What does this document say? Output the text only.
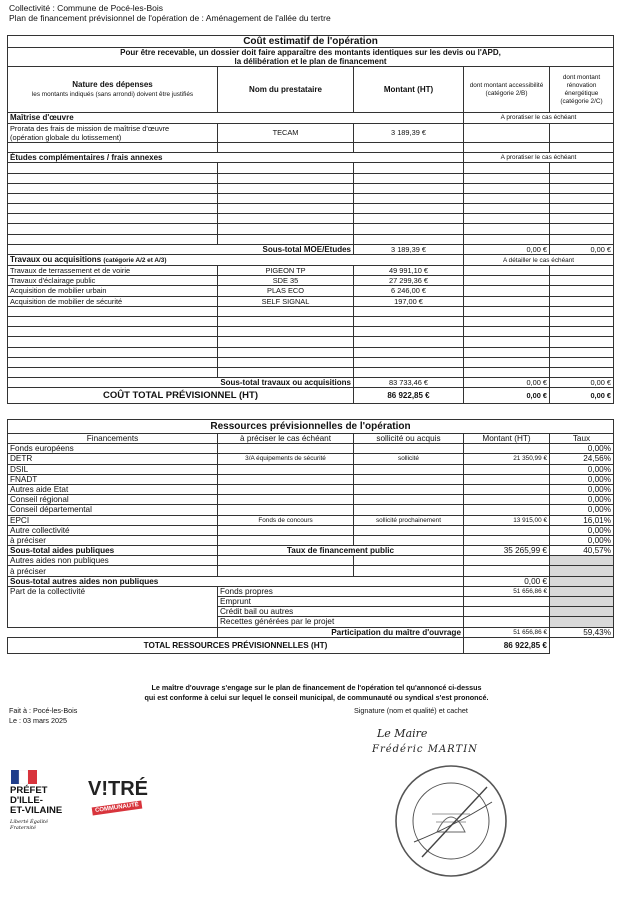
Collectivité : Commune de Pocé-les-Bois
Plan de financement prévisionnel de l'opération de : Aménagement de l'allée du tertre
Coût estimatif de l'opération				
Pour être recevable, un dossier doit faire apparaître des montants identiques sur les devis ou l'APD,				
la délibération et le plan de financement				

Nature des dépenses
les montants indiqués (sans arrondi) doivent être justifiés	Nom du prestataire	Montant (HT)	dont montant accessibilité (catégorie 2/B)	dont montant rénovation énergétique (catégorie 2/C)
Maîtrise d'œuvre			A proratiser le cas échéant	
Prorata des frais de mission de maîtrise d'œuvre	TECAM	3 189,39 €		
(opération globale du lotissement)				

Études complémentaires / frais annexes			A proratiser le cas échéant	

Sous-total MOE/Etudes		3 189,39 €	0,00 €	0,00 €
Travaux ou acquisitions (catégorie A/2 et A/3)			A détailler le cas échéant	
Travaux de terrassement et de voirie	PIGEON TP	49 991,10 €		
Travaux d'éclairage public	SDE 35	27 299,36 €		
Acquisition de mobilier urbain	PLAS ECO	6 246,00 €		
Acquisition de mobilier de sécurité	SELF SIGNAL	197,00 €		

Sous-total travaux ou acquisitions		83 733,46 €	0,00 €	0,00 €
COÛT TOTAL PRÉVISIONNEL (HT)		86 922,85 €	0,00 €	0,00 €
Ressources prévisionnelles de l'opération				
Financements	à préciser le cas échéant	sollicité ou acquis	Montant (HT)	Taux
Fonds européens				0,00%
DETR	3/A équipements de sécurité	sollicité	21 350,99 €	24,56%
DSIL				0,00%
FNADT				0,00%
Autres aide Etat				0,00%
Conseil régional				0,00%
Conseil départemental				0,00%
EPCI	Fonds de concours	sollicité prochainement	13 915,00 €	16,01%
Autre collectivité				0,00%
à préciser				0,00%
Sous-total aides publiques	Taux de financement public		35 265,99 €	40,57%
Autres aides non publiques				
à préciser				
Sous-total autres aides non publiques			0,00 €	
Part de la collectivité	Fonds propres		51 656,86 €	
	Emprunt			
	Crédit bail ou autres			
	Recettes générées par le projet			
	Participation du maître d'ouvrage		51 656,86 €	59,43%
TOTAL RESSOURCES PRÉVISIONNELLES (HT)			86 922,85 €	
Le maître d'ouvrage s'engage sur le plan de financement de l'opération tel qu'annoncé ci-dessus
qui est conforme à celui sur lequel le conseil municipal, de communauté ou syndical s'est prononcé.
Fait à : Pocé-les-Bois
Le : 03 mars 2025
Signature (nom et qualité) et cachet
Le Maire
Frédéric MARTIN
PRÉFET
D'ILLE-
ET-VILAINE
Liberté Égalité Fraternité
V!TRÉ
COMMUNAUTÉ
